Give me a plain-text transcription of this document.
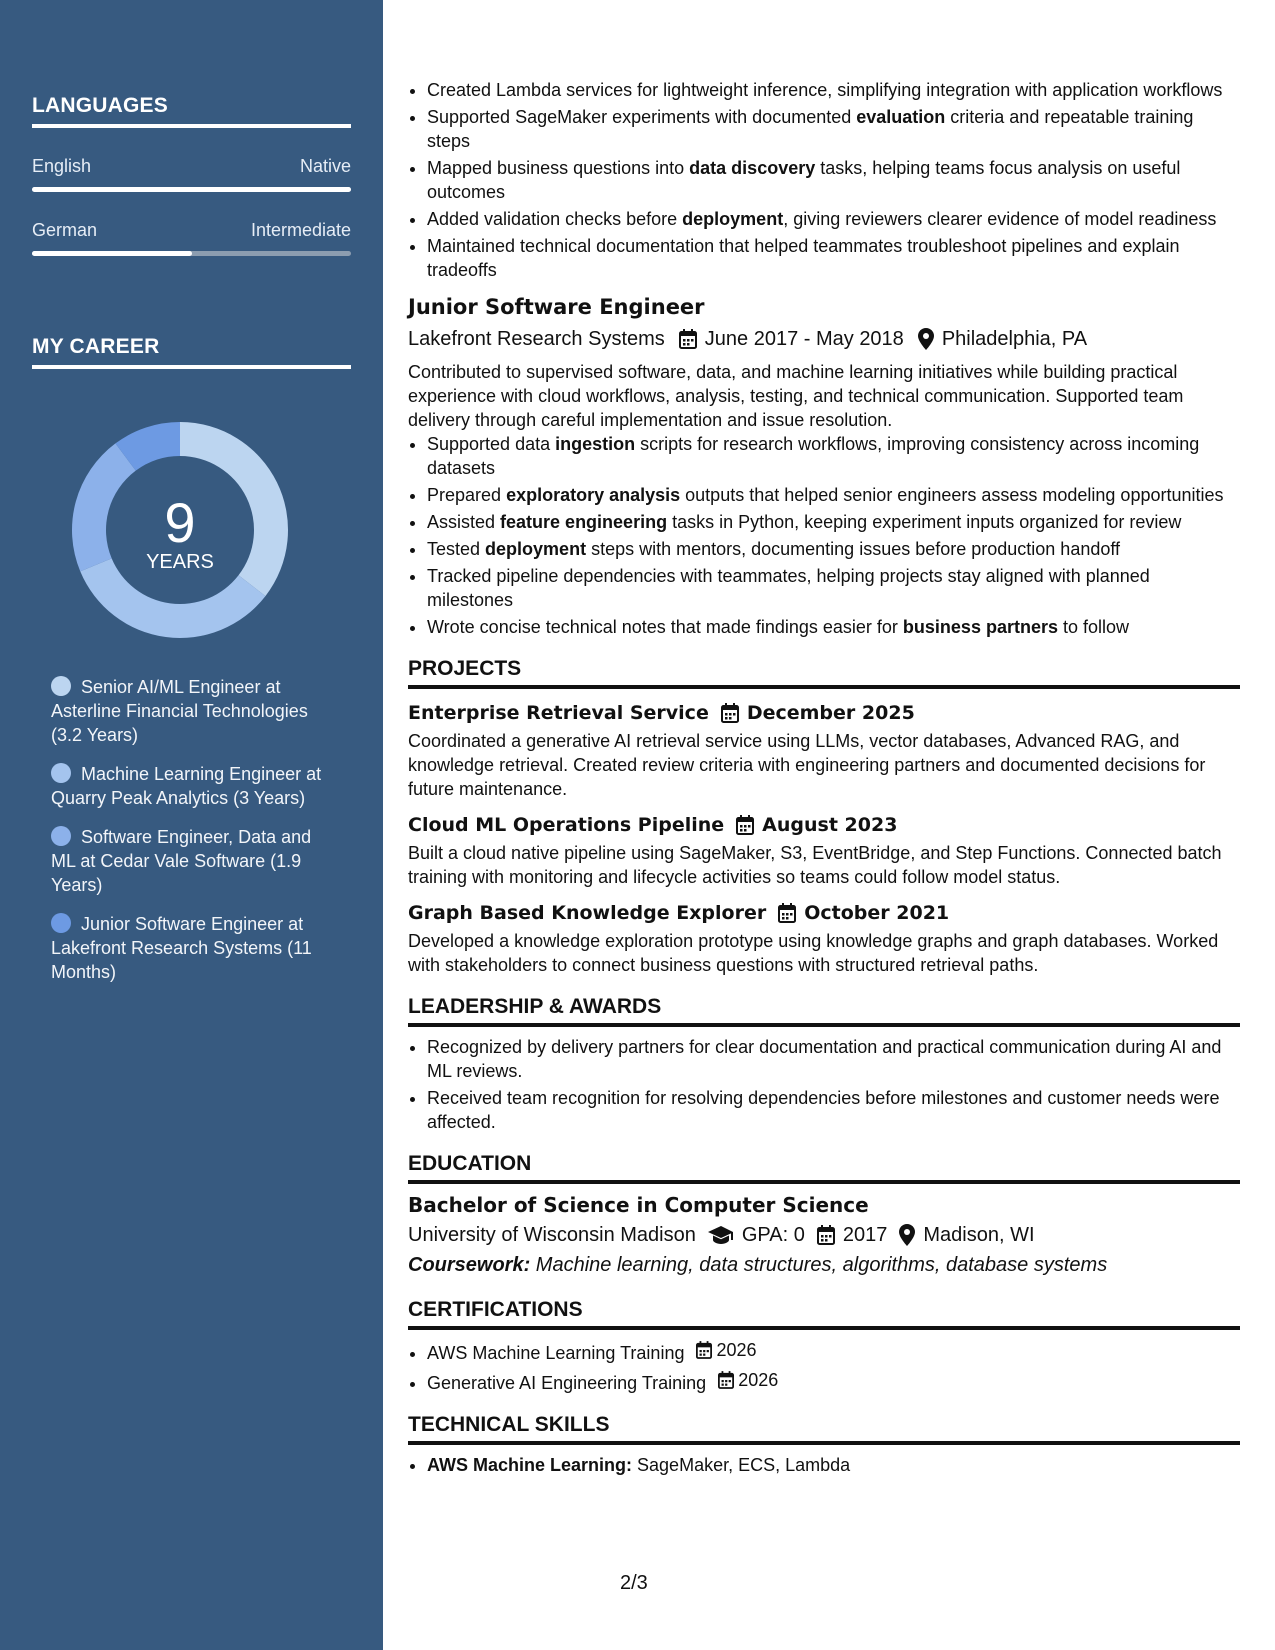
LANGUAGES
English	Native
German	Intermediate
MY CAREER
9
YEARS
Senior AI/ML Engineer at Asterline Financial Technologies (3.2 Years)
Machine Learning Engineer at Quarry Peak Analytics (3 Years)
Software Engineer, Data and ML at Cedar Vale Software (1.9 Years)
Junior Software Engineer at Lakefront Research Systems (11 Months)
• Created Lambda services for lightweight inference, simplifying integration with application workflows
• Supported SageMaker experiments with documented evaluation criteria and repeatable training steps
• Mapped business questions into data discovery tasks, helping teams focus analysis on useful outcomes
• Added validation checks before deployment, giving reviewers clearer evidence of model readiness
• Maintained technical documentation that helped teammates troubleshoot pipelines and explain tradeoffs
Junior Software Engineer
Lakefront Research Systems June 2017 - May 2018 Philadelphia, PA
Contributed to supervised software, data, and machine learning initiatives while building practical experience with cloud workflows, analysis, testing, and technical communication. Supported team delivery through careful implementation and issue resolution.
• Supported data ingestion scripts for research workflows, improving consistency across incoming datasets
• Prepared exploratory analysis outputs that helped senior engineers assess modeling opportunities
• Assisted feature engineering tasks in Python, keeping experiment inputs organized for review
• Tested deployment steps with mentors, documenting issues before production handoff
• Tracked pipeline dependencies with teammates, helping projects stay aligned with planned milestones
• Wrote concise technical notes that made findings easier for business partners to follow
PROJECTS
Enterprise Retrieval Service December 2025
Coordinated a generative AI retrieval service using LLMs, vector databases, Advanced RAG, and knowledge retrieval. Created review criteria with engineering partners and documented decisions for future maintenance.
Cloud ML Operations Pipeline August 2023
Built a cloud native pipeline using SageMaker, S3, EventBridge, and Step Functions. Connected batch training with monitoring and lifecycle activities so teams could follow model status.
Graph Based Knowledge Explorer October 2021
Developed a knowledge exploration prototype using knowledge graphs and graph databases. Worked with stakeholders to connect business questions with structured retrieval paths.
LEADERSHIP & AWARDS
• Recognized by delivery partners for clear documentation and practical communication during AI and ML reviews.
• Received team recognition for resolving dependencies before milestones and customer needs were affected.
EDUCATION
Bachelor of Science in Computer Science
University of Wisconsin Madison GPA: 0 2017 Madison, WI
Coursework: Machine learning, data structures, algorithms, database systems
CERTIFICATIONS
• AWS Machine Learning Training 2026
• Generative AI Engineering Training 2026
TECHNICAL SKILLS
• AWS Machine Learning: SageMaker, ECS, Lambda
2/3
